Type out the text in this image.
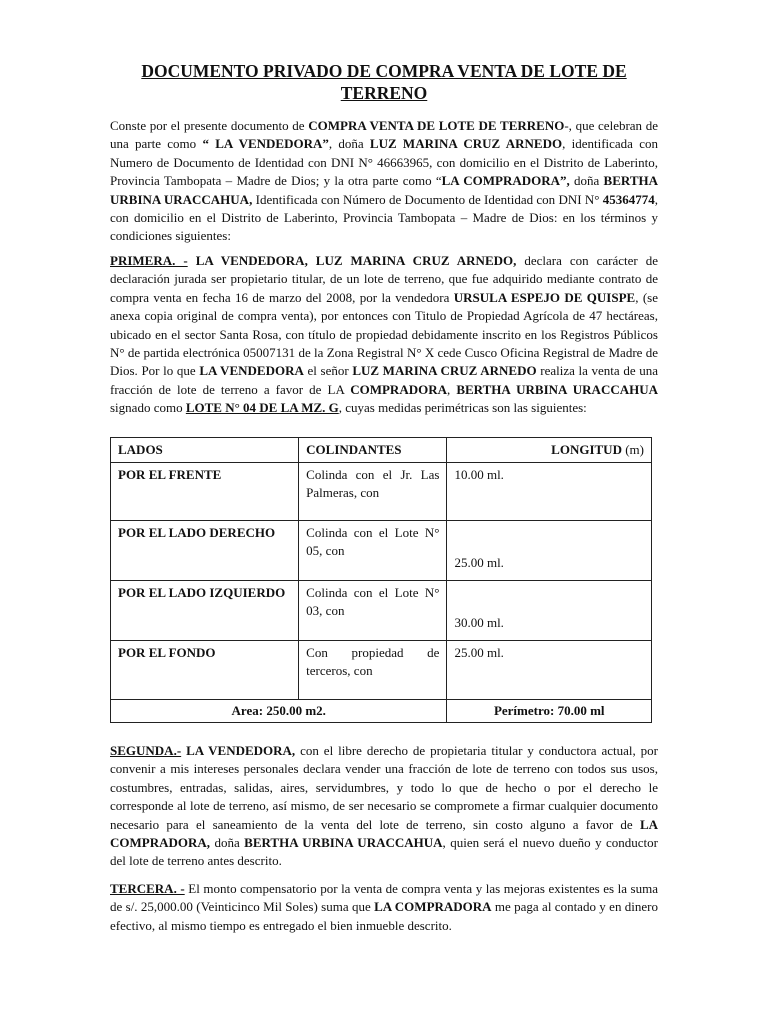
DOCUMENTO PRIVADO DE COMPRA VENTA DE LOTE DE TERRENO
Conste por el presente documento de COMPRA VENTA DE LOTE DE TERRENO-, que celebran de una parte como “ LA VENDEDORA”, doña LUZ MARINA CRUZ ARNEDO, identificada con Numero de Documento de Identidad con DNI N° 46663965, con domicilio en el Distrito de Laberinto, Provincia Tambopata – Madre de Dios; y la otra parte como “LA COMPRADORA”, doña BERTHA URBINA URACCAHUA, Identificada con Número de Documento de Identidad con DNI N° 45364774, con domicilio en el Distrito de Laberinto, Provincia Tambopata – Madre de Dios: en los términos y condiciones siguientes:
PRIMERA. - LA VENDEDORA, LUZ MARINA CRUZ ARNEDO, declara con carácter de declaración jurada ser propietario titular, de un lote de terreno, que fue adquirido mediante contrato de compra venta en fecha 16 de marzo del 2008, por la vendedora URSULA ESPEJO DE QUISPE, (se anexa copia original de compra venta), por entonces con Titulo de Propiedad Agrícola de 47 hectáreas, ubicado en el sector Santa Rosa, con título de propiedad debidamente inscrito en los Registros Públicos N° de partida electrónica 05007131 de la Zona Registral N° X cede Cusco Oficina Registral de Madre de Dios. Por lo que LA VENDEDORA el señor LUZ MARINA CRUZ ARNEDO realiza la venta de una fracción de lote de terreno a favor de LA COMPRADORA, BERTHA URBINA URACCAHUA signado como LOTE N° 04 DE LA MZ. G, cuyas medidas perimétricas son las siguientes:
LADOS	COLINDANTES	LONGITUD (m)
POR EL FRENTE	Colinda con el Jr. Las Palmeras, con	10.00 ml.
POR EL LADO DERECHO	Colinda con el Lote N° 05, con	25.00 ml.

POR EL LADO IZQUIERDO	Colinda con el Lote N° 03, con	30.00 ml.

POR EL FONDO	Con propiedad de terceros, con	25.00 ml.
Area: 250.00 m2.		Perímetro: 70.00 ml
SEGUNDA.- LA VENDEDORA, con el libre derecho de propietaria titular y conductora actual, por convenir a mis intereses personales declara vender una fracción de lote de terreno con todos sus usos, costumbres, entradas, salidas, aires, servidumbres, y todo lo que de hecho o por el derecho le corresponde al lote de terreno, así mismo, de ser necesario se compromete a firmar cualquier documento necesario para el saneamiento de la venta del lote de terreno, sin costo alguno a favor de LA COMPRADORA, doña BERTHA URBINA URACCAHUA, quien será el nuevo dueño y conductor del lote de terreno antes descrito.
TERCERA. - El monto compensatorio por la venta de compra venta y las mejoras existentes es la suma de s/. 25,000.00 (Veinticinco Mil Soles) suma que LA COMPRADORA me paga al contado y en dinero efectivo, al mismo tiempo es entregado el bien inmueble descrito.
